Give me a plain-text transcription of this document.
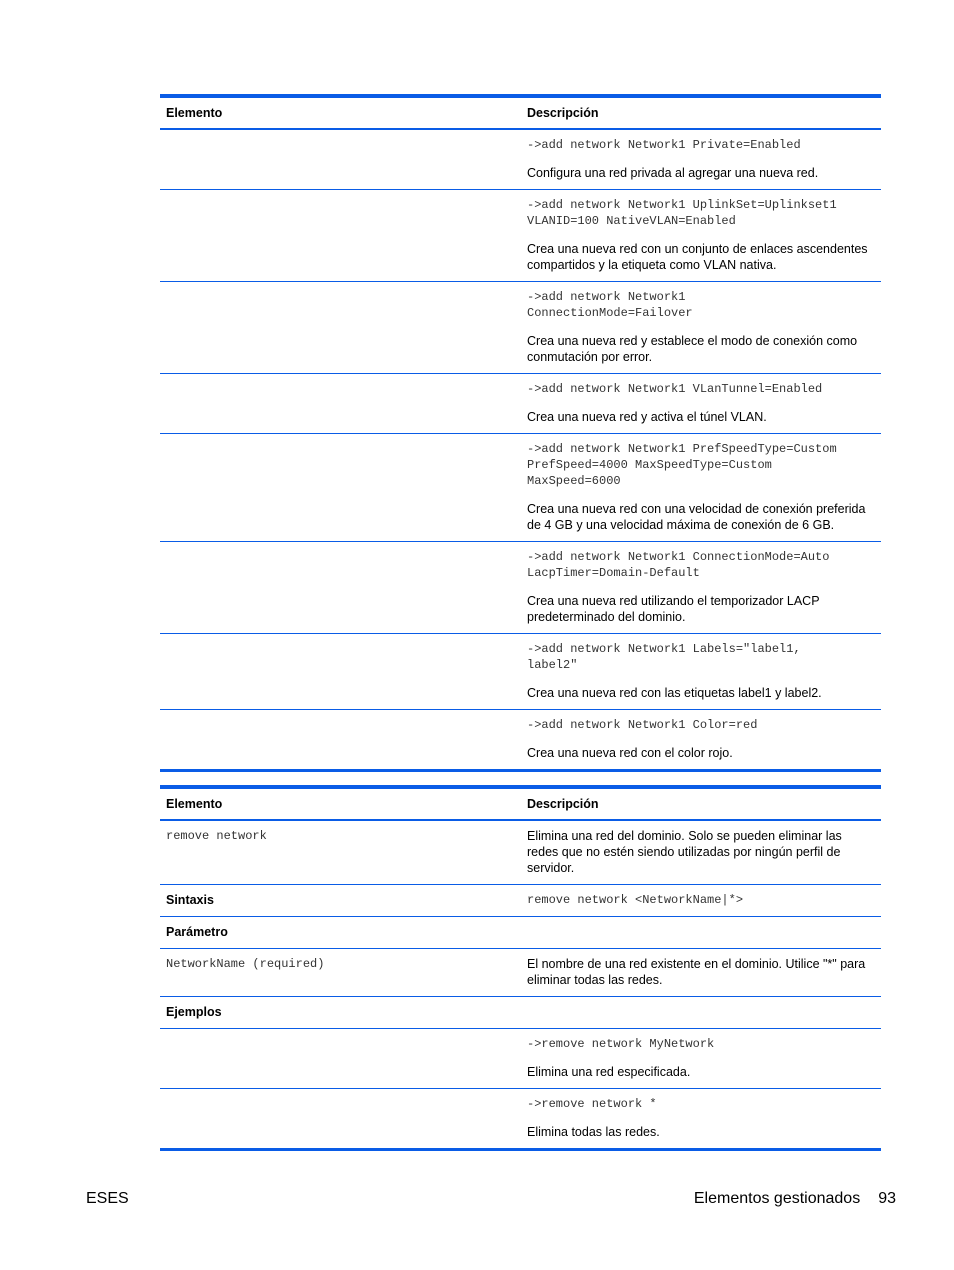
Elemento	Descripción

	->add network Network1 Private=Enabled
Configura una red privada al agregar una nueva red.

	->add network Network1 UplinkSet=Uplinkset1
VLANID=100 NativeVLAN=Enabled
Crea una nueva red con un conjunto de enlaces ascendentes compartidos y la etiqueta como VLAN nativa.

	->add network Network1
ConnectionMode=Failover
Crea una nueva red y establece el modo de conexión como conmutación por error.

	->add network Network1 VLanTunnel=Enabled
Crea una nueva red y activa el túnel VLAN.

	->add network Network1 PrefSpeedType=Custom
PrefSpeed=4000 MaxSpeedType=Custom
MaxSpeed=6000
Crea una nueva red con una velocidad de conexión preferida de 4 GB y una velocidad máxima de conexión de 6 GB.

	->add network Network1 ConnectionMode=Auto
LacpTimer=Domain-Default
Crea una nueva red utilizando el temporizador LACP predeterminado del dominio.

	->add network Network1 Labels="label1,
label2"
Crea una nueva red con las etiquetas label1 y label2.

	->add network Network1 Color=red
Crea una nueva red con el color rojo.
Elemento	Descripción

remove network	Elimina una red del dominio. Solo se pueden eliminar las redes que no estén siendo utilizadas por ningún perfil de servidor.
Sintaxis	remove network <NetworkName|*>

Parámetro	

NetworkName (required)	El nombre de una red existente en el dominio. Utilice "*" para eliminar todas las redes.
Ejemplos	

	->remove network MyNetwork
Elimina una red especificada.

	->remove network *
Elimina todas las redes.
ESES	Elementos gestionados 93
